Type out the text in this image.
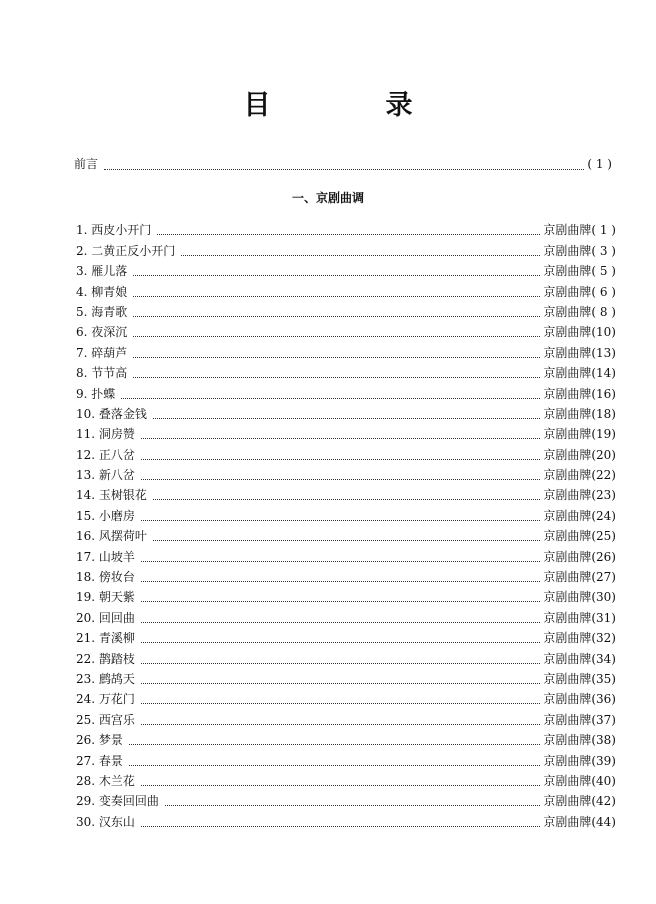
目　录
前言	( 1 )
一、京剧曲调
1. 西皮小开门	京剧曲牌 ( 1 )
2. 二黄正反小开门	京剧曲牌 ( 3 )
3. 雁儿落	京剧曲牌 ( 5 )
4. 柳青娘	京剧曲牌 ( 6 )
5. 海青歌	京剧曲牌 ( 8 )
6. 夜深沉	京剧曲牌 (10)
7. 碎葫芦	京剧曲牌 (13)
8. 节节高	京剧曲牌 (14)
9. 扑蝶	京剧曲牌 (16)
10. 叠落金钱	京剧曲牌 (18)
11. 洞房赞	京剧曲牌 (19)
12. 正八岔	京剧曲牌 (20)
13. 新八岔	京剧曲牌 (22)
14. 玉树银花	京剧曲牌 (23)
15. 小磨房	京剧曲牌 (24)
16. 风摆荷叶	京剧曲牌 (25)
17. 山坡羊	京剧曲牌 (26)
18. 傍妆台	京剧曲牌 (27)
19. 朝天紫	京剧曲牌 (30)
20. 回回曲	京剧曲牌 (31)
21. 青溪柳	京剧曲牌 (32)
22. 鹊踏枝	京剧曲牌 (34)
23. 鹧鸪天	京剧曲牌 (35)
24. 万花门	京剧曲牌 (36)
25. 西宫乐	京剧曲牌 (37)
26. 梦景	京剧曲牌 (38)
27. 春景	京剧曲牌 (39)
28. 木兰花	京剧曲牌 (40)
29. 变奏回回曲	京剧曲牌 (42)
30. 汉东山	京剧曲牌 (44)
